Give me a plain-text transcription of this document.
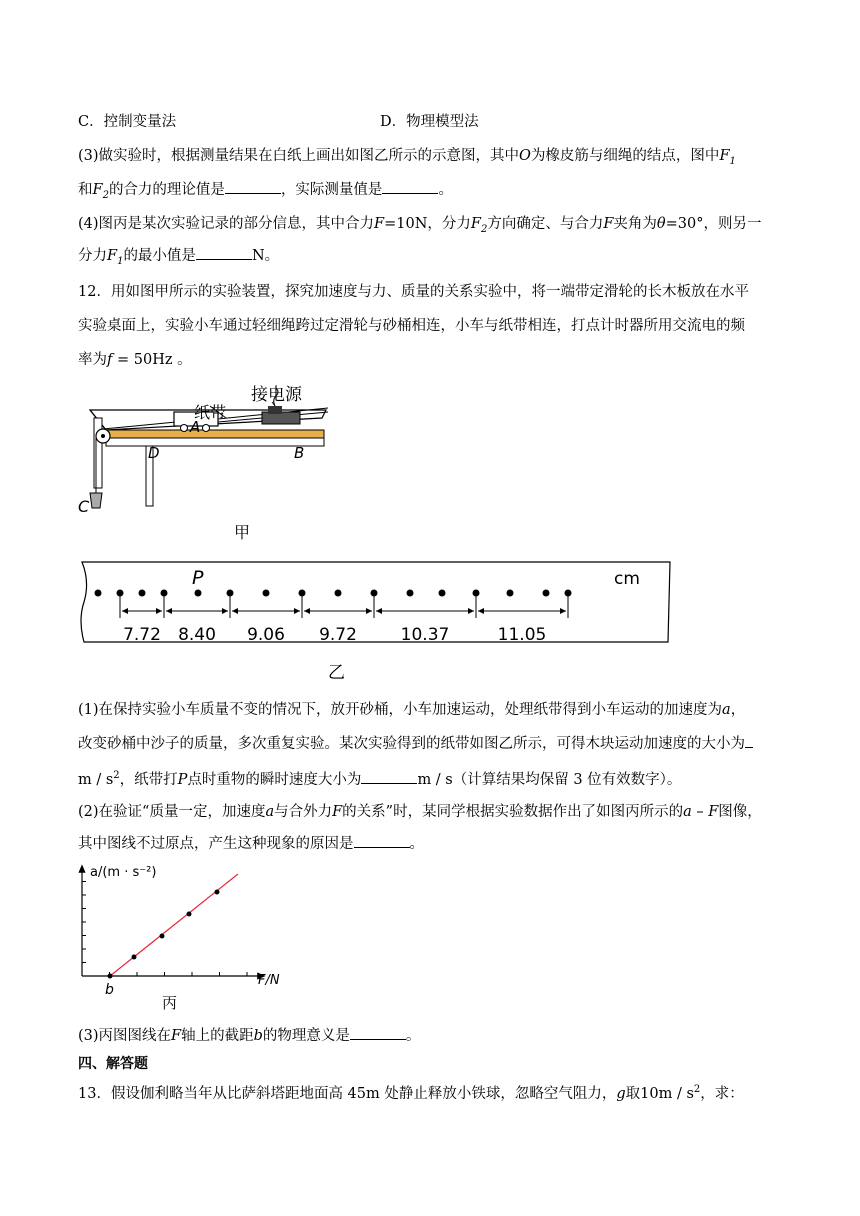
C．控制变量法	D．物理模型法
(3)做实验时，根据测量结果在白纸上画出如图乙所示的示意图，其中O为橡皮筋与细绳的结点，图中$F_1$
和$F_2$的合力的理论值是	，实际测量值是	。
(4)图丙是某次实验记录的部分信息，其中合力F=10N，分力$F_2$方向确定、与合力F夹角为θ=30°，则另一
分力$F_1$的最小值是	N。
12．用如图甲所示的实验装置，探究加速度与力、质量的关系实验中，将一端带定滑轮的长木板放在水平
实验桌面上，实验小车通过轻细绳跨过定滑轮与砂桶相连，小车与纸带相连，打点计时器所用交流电的频
率为f = 50Hz 。
接电源
纸带
A
B
C
D
甲
P	cm
7.72 8.40 9.06 9.72	10.37	11.05
乙
(1)在保持实验小车质量不变的情况下，放开砂桶，小车加速运动，处理纸带得到小车运动的加速度为a，
改变砂桶中沙子的质量，多次重复实验。某次实验得到的纸带如图乙所示，可得木块运动加速度的大小为
m / $s^2$，纸带打P点时重物的瞬时速度大小为	m / s（计算结果均保留 3 位有效数字）。
(2)在验证“质量一定，加速度a与合外力F的关系”时，某同学根据实验数据作出了如图丙所示的a – F图像，
其中图线不过原点，产生这种现象的原因是	。
a/(m · s⁻²)
F/N
b
丙
(3)丙图图线在F轴上的截距b的物理意义是	。
四、解答题
13．假设伽利略当年从比萨斜塔距地面高 45m 处静止释放小铁球，忽略空气阻力，g取$10m / s^2$，求：
